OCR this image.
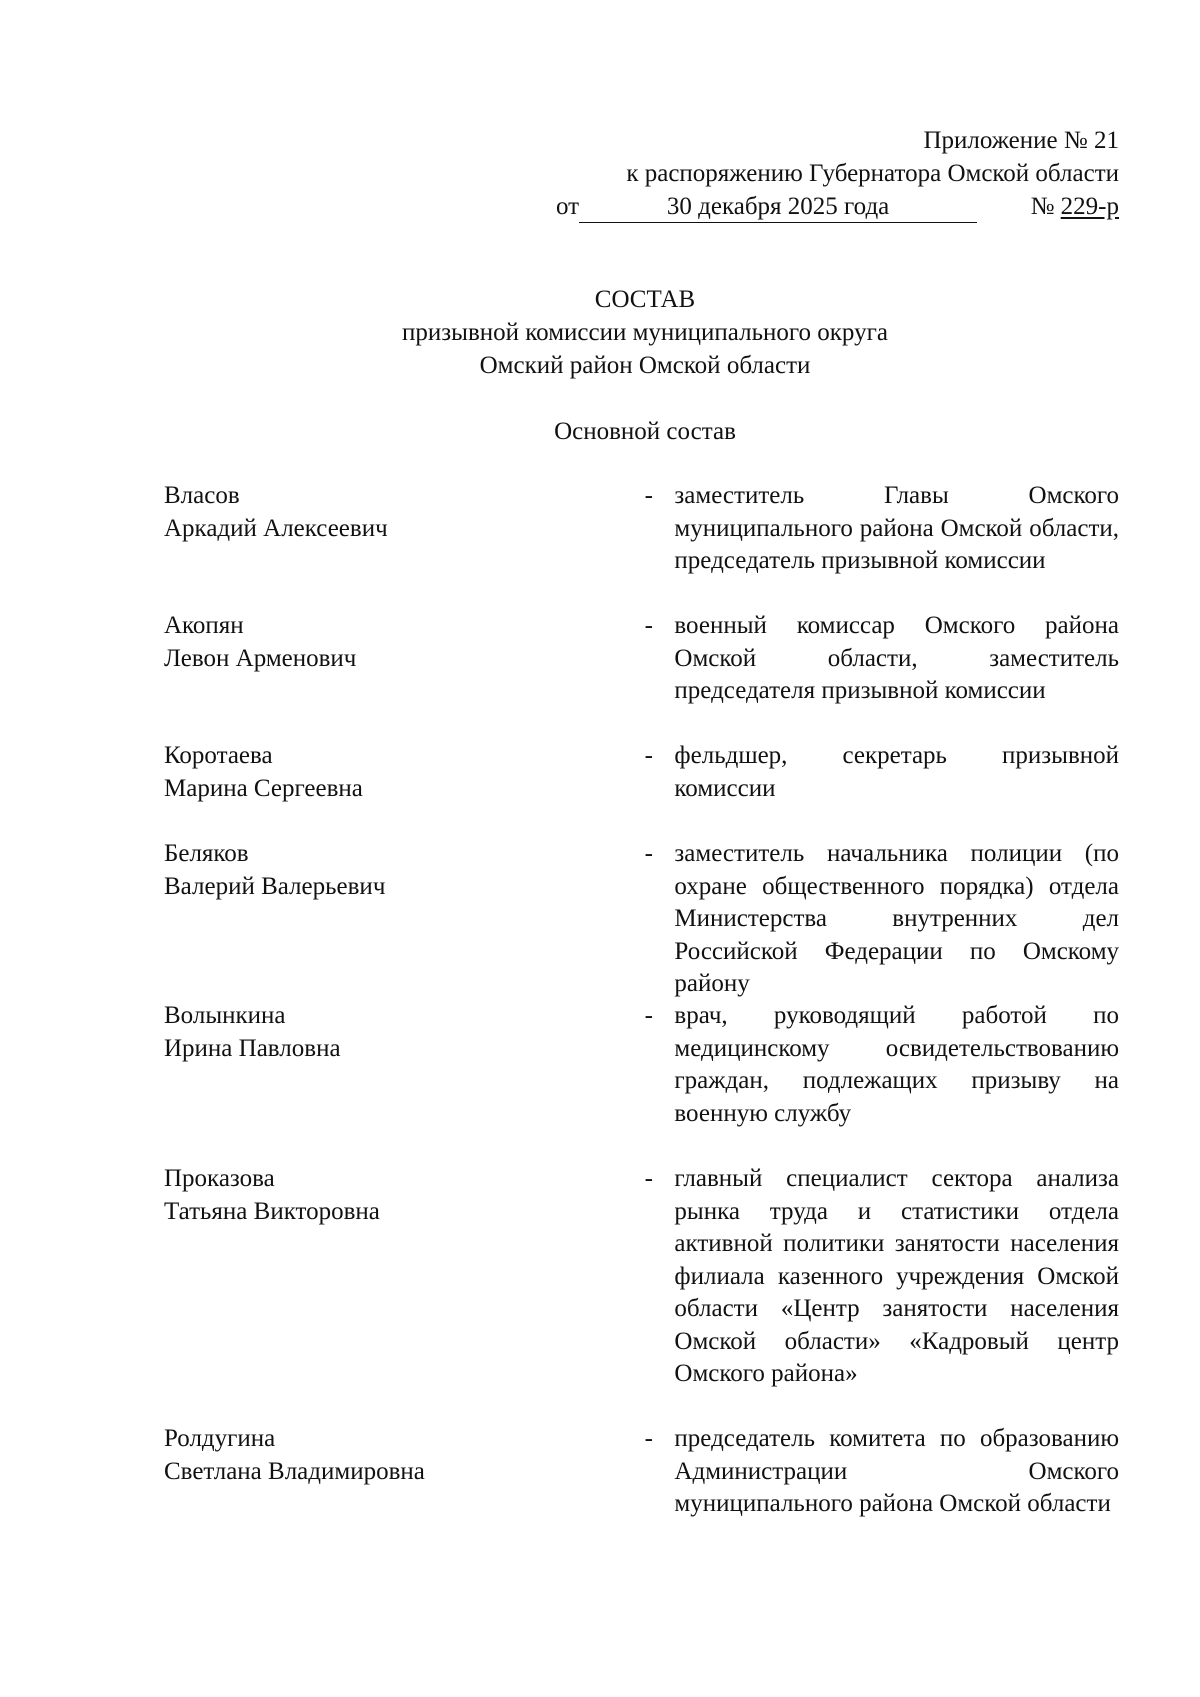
Приложение № 21
к распоряжению Губернатора Омской области
от	30 декабря 2025 года	№ 229-р
СОСТАВ
призывной комиссии муниципального округа
Омский район Омской области
Основной состав
Власов
Аркадий Алексеевич
- заместитель Главы Омского муниципального района Омской области, председатель призывной комиссии
Акопян
Левон Арменович
- военный комиссар Омского района Омской области, заместитель председателя призывной комиссии
Коротаева
Марина Сергеевна
- фельдшер, секретарь призывной комиссии
Беляков
Валерий Валерьевич
- заместитель начальника полиции (по охране общественного порядка) отдела Министерства внутренних дел Российской Федерации по Омскому району
Волынкина
Ирина Павловна
- врач, руководящий работой по медицинскому освидетельствованию граждан, подлежащих призыву на военную службу
Проказова
Татьяна Викторовна
- главный специалист сектора анализа рынка труда и статистики отдела активной политики занятости населения филиала казенного учреждения Омской области «Центр занятости населения Омской области» «Кадровый центр Омского района»
Ролдугина
Светлана Владимировна
- председатель комитета по образованию Администрации Омского муниципального района Омской области
